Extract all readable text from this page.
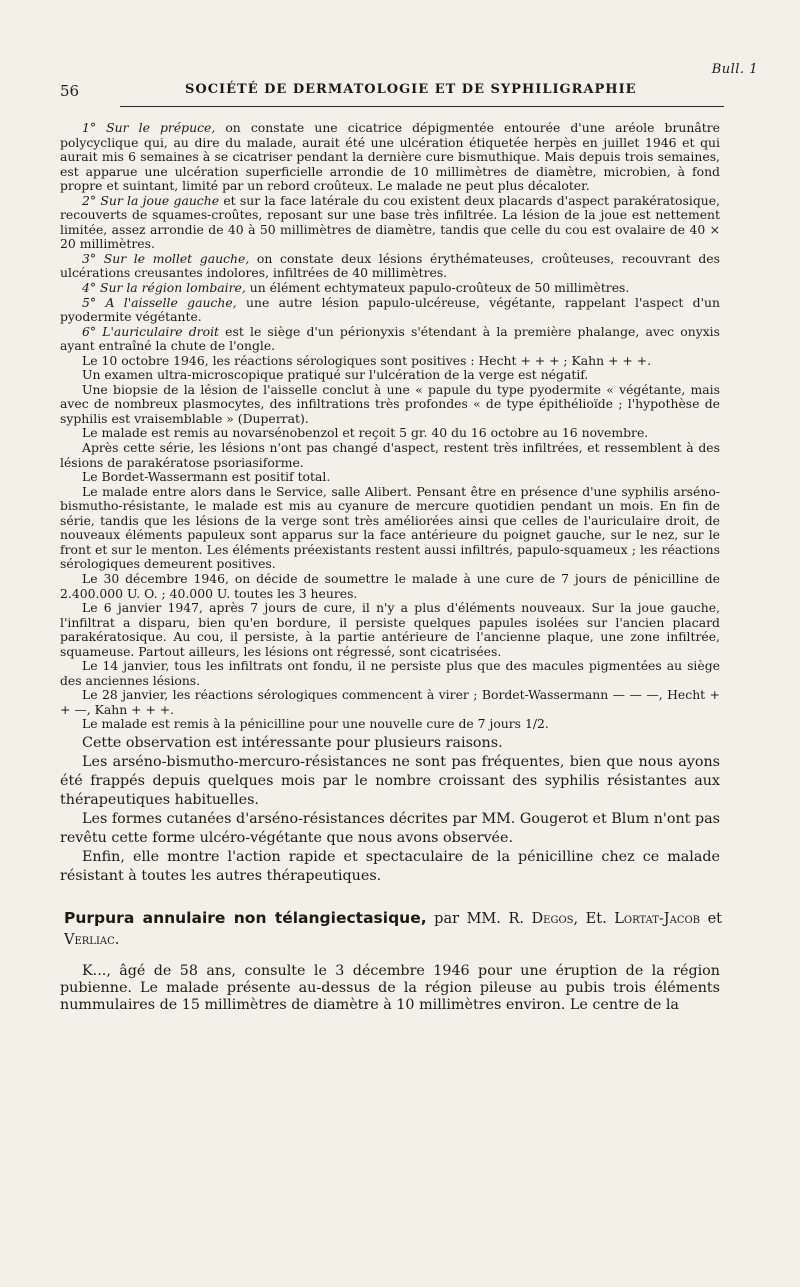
Bull. 1
56	SOCIÉTÉ DE DERMATOLOGIE ET DE SYPHILIGRAPHIE

1° Sur le prépuce, on constate une cicatrice dépigmentée entourée d'une aréole brunâtre polycyclique qui, au dire du malade, aurait été une ulcération étiquetée herpès en juillet 1946 et qui aurait mis 6 semaines à se cicatriser pendant la dernière cure bismuthique. Mais depuis trois semaines, est apparue une ulcération superficielle arrondie de 10 millimètres de diamètre, microbien, à fond propre et suintant, limité par un rebord croûteux. Le malade ne peut plus décaloter.

2° Sur la joue gauche et sur la face latérale du cou existent deux placards d'aspect parakératosique, recouverts de squames-croûtes, reposant sur une base très infiltrée. La lésion de la joue est nettement limitée, assez arrondie de 40 à 50 millimètres de diamètre, tandis que celle du cou est ovalaire de 40 × 20 millimètres.

3° Sur le mollet gauche, on constate deux lésions érythémateuses, croûteuses, recouvrant des ulcérations creusantes indolores, infiltrées de 40 millimètres.

4° Sur la région lombaire, un élément echtymateux papulo-croûteux de 50 millimètres.

5° A l'aisselle gauche, une autre lésion papulo-ulcéreuse, végétante, rappelant l'aspect d'un pyodermite végétante.

6° L'auriculaire droit est le siège d'un périonyxis s'étendant à la première phalange, avec onyxis ayant entraîné la chute de l'ongle.

Le 10 octobre 1946, les réactions sérologiques sont positives : Hecht + + + ; Kahn + + +.

Un examen ultra-microscopique pratiqué sur l'ulcération de la verge est négatif.

Une biopsie de la lésion de l'aisselle conclut à une « papule du type pyodermite « végétante, mais avec de nombreux plasmocytes, des infiltrations très profondes « de type épithélioïde ; l'hypothèse de syphilis est vraisemblable » (Duperrat).

Le malade est remis au novarsénobenzol et reçoit 5 gr. 40 du 16 octobre au 16 novembre.

Après cette série, les lésions n'ont pas changé d'aspect, restent très infiltrées, et ressemblent à des lésions de parakératose psoriasiforme.

Le Bordet-Wassermann est positif total.

Le malade entre alors dans le Service, salle Alibert. Pensant être en présence d'une syphilis arséno-bismutho-résistante, le malade est mis au cyanure de mercure quotidien pendant un mois. En fin de série, tandis que les lésions de la verge sont très améliorées ainsi que celles de l'auriculaire droit, de nouveaux éléments papuleux sont apparus sur la face antérieure du poignet gauche, sur le nez, sur le front et sur le menton. Les éléments préexistants restent aussi infiltrés, papulo-squameux ; les réactions sérologiques demeurent positives.

Le 30 décembre 1946, on décide de soumettre le malade à une cure de 7 jours de pénicilline de 2.400.000 U. O. ; 40.000 U. toutes les 3 heures.

Le 6 janvier 1947, après 7 jours de cure, il n'y a plus d'éléments nouveaux. Sur la joue gauche, l'infiltrat a disparu, bien qu'en bordure, il persiste quelques papules isolées sur l'ancien placard parakératosique. Au cou, il persiste, à la partie antérieure de l'ancienne plaque, une zone infiltrée, squameuse. Partout ailleurs, les lésions ont régressé, sont cicatrisées.

Le 14 janvier, tous les infiltrats ont fondu, il ne persiste plus que des macules pigmentées au siège des anciennes lésions.

Le 28 janvier, les réactions sérologiques commencent à virer ; Bordet-Wassermann — — —, Hecht + + —, Kahn + + +.

Le malade est remis à la pénicilline pour une nouvelle cure de 7 jours 1/2.

Cette observation est intéressante pour plusieurs raisons.

Les arséno-bismutho-mercuro-résistances ne sont pas fréquentes, bien que nous ayons été frappés depuis quelques mois par le nombre croissant des syphilis résistantes aux thérapeutiques habituelles.

Les formes cutanées d'arséno-résistances décrites par MM. Gougerot et Blum n'ont pas revêtu cette forme ulcéro-végétante que nous avons observée.

Enfin, elle montre l'action rapide et spectaculaire de la pénicilline chez ce malade résistant à toutes les autres thérapeutiques.

Purpura annulaire non télangiectasique, par MM. R. Degos, Et. Lortat-Jacob et Verliac.

K..., âgé de 58 ans, consulte le 3 décembre 1946 pour une éruption de la région pubienne. Le malade présente au-dessus de la région pileuse au pubis trois éléments nummulaires de 15 millimètres de diamètre à 10 millimètres environ. Le centre de la
